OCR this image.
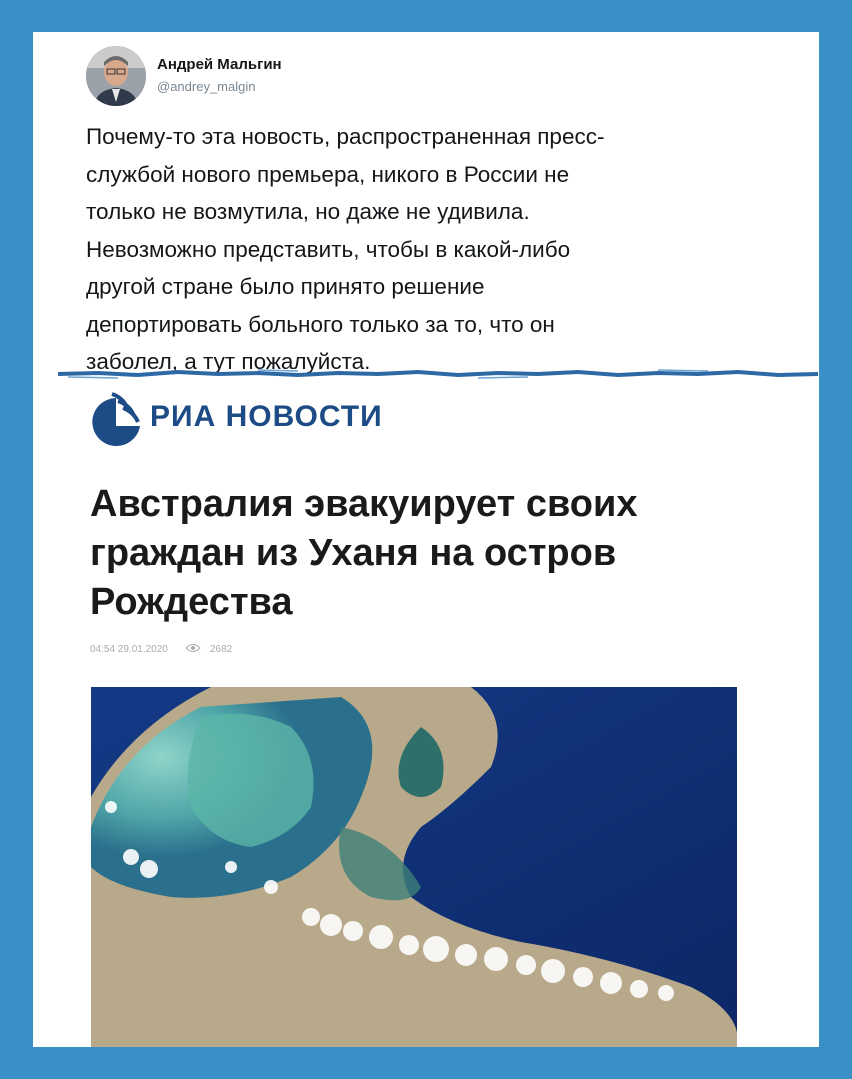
Андрей Мальгин
@andrey_malgin
Почему-то эта новость, распространенная пресс-
службой нового премьера, никого в России не
только не возмутила, но даже не удивила.
Невозможно представить, чтобы в какой-либо
другой стране было принято решение
депортировать больного только за то, что он
заболел, а тут пожалуйста.
РИА НОВОСТИ
Австралия эвакуирует своих
граждан из Уханя на остров
Рождества
04:54 29.01.2020	2682
